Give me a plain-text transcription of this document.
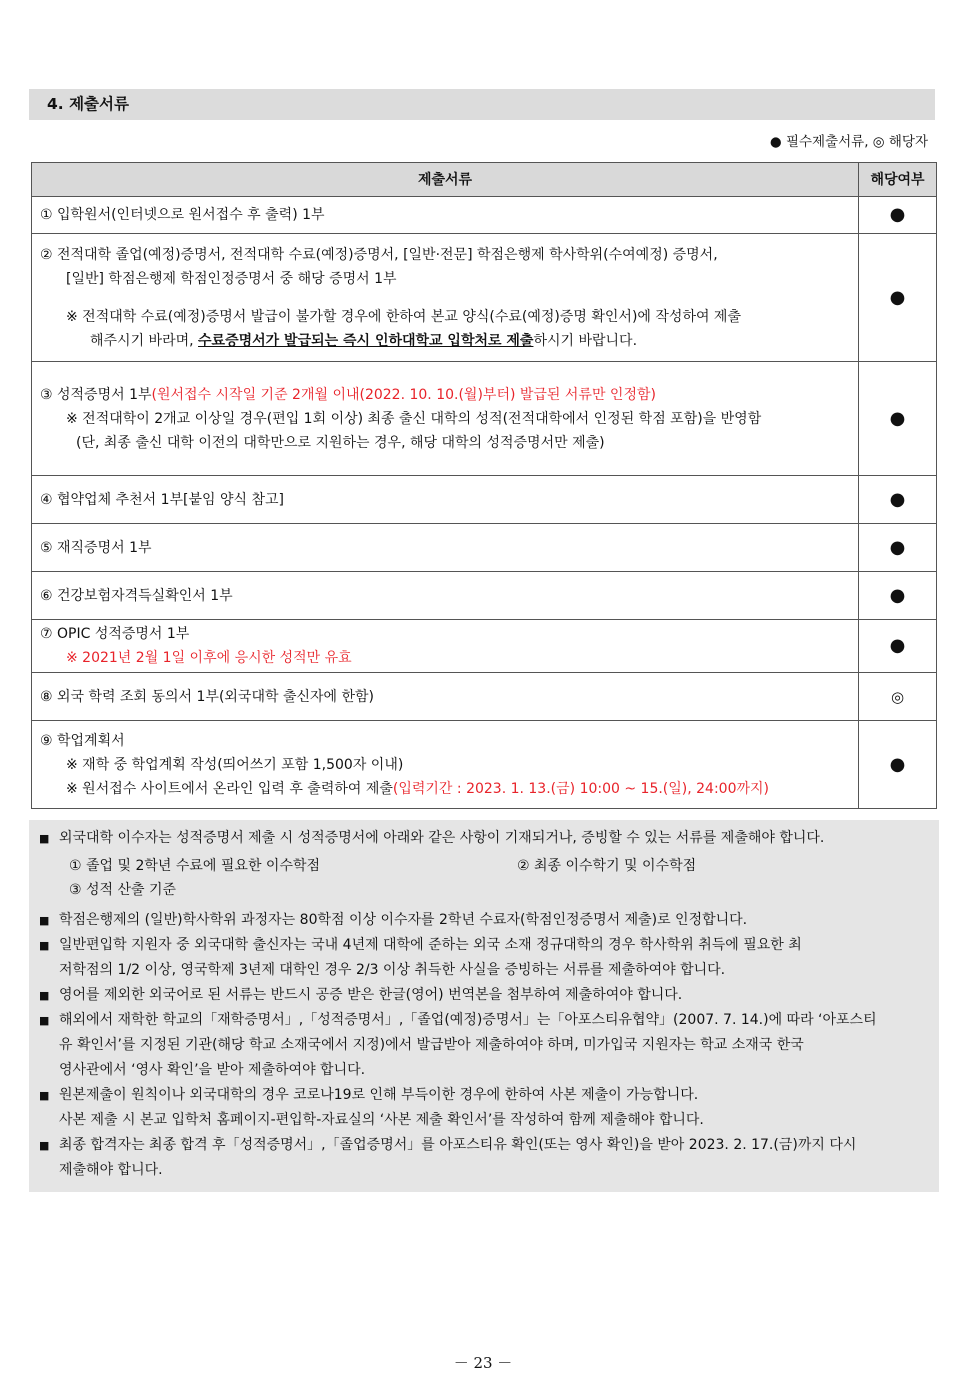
4. 제출서류
● 필수제출서류, ◎ 해당자
제출서류	해당여부
① 입학원서(인터넷으로 원서접수 후 출력) 1부	●

② 전적대학 졸업(예정)증명서, 전적대학 수료(예정)증명서, [일반·전문] 학점은행제 학사학위(수여예정) 증명서,
[일반] 학점은행제 학점인정증명서 중 해당 증명서 1부
※ 전적대학 수료(예정)증명서 발급이 불가할 경우에 한하여 본교 양식(수료(예정)증명 확인서)에 작성하여 제출
해주시기 바라며, 수료증명서가 발급되는 즉시 인하대학교 입학처로 제출하시기 바랍니다.	●

③ 성적증명서 1부(원서접수 시작일 기준 2개월 이내(2022. 10. 10.(월)부터) 발급된 서류만 인정함)
※ 전적대학이 2개교 이상일 경우(편입 1회 이상) 최종 출신 대학의 성적(전적대학에서 인정된 학점 포함)을 반영함
(단, 최종 출신 대학 이전의 대학만으로 지원하는 경우, 해당 대학의 성적증명서만 제출)	●
④ 협약업체 추천서 1부[붙임 양식 참고]	●
⑤ 재직증명서 1부	●
⑥ 건강보험자격득실확인서 1부	●

⑦ OPIC 성적증명서 1부
※ 2021년 2월 1일 이후에 응시한 성적만 유효	●
⑧ 외국 학력 조회 동의서 1부(외국대학 출신자에 한함)	◎

⑨ 학업계획서
※ 재학 중 학업계획 작성(띄어쓰기 포함 1,500자 이내)
※ 원서접수 사이트에서 온라인 입력 후 출력하여 제출(입력기간 : 2023. 1. 13.(금) 10:00 ~ 15.(일), 24:00까지)	●
■ 외국대학 이수자는 성적증명서 제출 시 성적증명서에 아래와 같은 사항이 기재되거나, 증빙할 수 있는 서류를 제출해야 합니다.
① 졸업 및 2학년 수료에 필요한 이수학점	② 최종 이수학기 및 이수학점
③ 성적 산출 기준
■ 학점은행제의 (일반)학사학위 과정자는 80학점 이상 이수자를 2학년 수료자(학점인정증명서 제출)로 인정합니다.
■ 일반편입학 지원자 중 외국대학 출신자는 국내 4년제 대학에 준하는 외국 소재 정규대학의 경우 학사학위 취득에 필요한 최
저학점의 1/2 이상, 영국학제 3년제 대학인 경우 2/3 이상 취득한 사실을 증빙하는 서류를 제출하여야 합니다.
■ 영어를 제외한 외국어로 된 서류는 반드시 공증 받은 한글(영어) 번역본을 첨부하여 제출하여야 합니다.
■ 해외에서 재학한 학교의「재학증명서」,「성적증명서」,「졸업(예정)증명서」는「아포스티유협약」(2007. 7. 14.)에 따라 ‘아포스티
유 확인서’를 지정된 기관(해당 학교 소재국에서 지정)에서 발급받아 제출하여야 하며, 미가입국 지원자는 학교 소재국 한국
영사관에서 ‘영사 확인’을 받아 제출하여야 합니다.
■ 원본제출이 원칙이나 외국대학의 경우 코로나19로 인해 부득이한 경우에 한하여 사본 제출이 가능합니다.
사본 제출 시 본교 입학처 홈페이지-편입학-자료실의 ‘사본 제출 확인서’를 작성하여 함께 제출해야 합니다.
■ 최종 합격자는 최종 합격 후「성적증명서」,「졸업증명서」를 아포스티유 확인(또는 영사 확인)을 받아 2023. 2. 17.(금)까지 다시
제출해야 합니다.
－ 23 －
